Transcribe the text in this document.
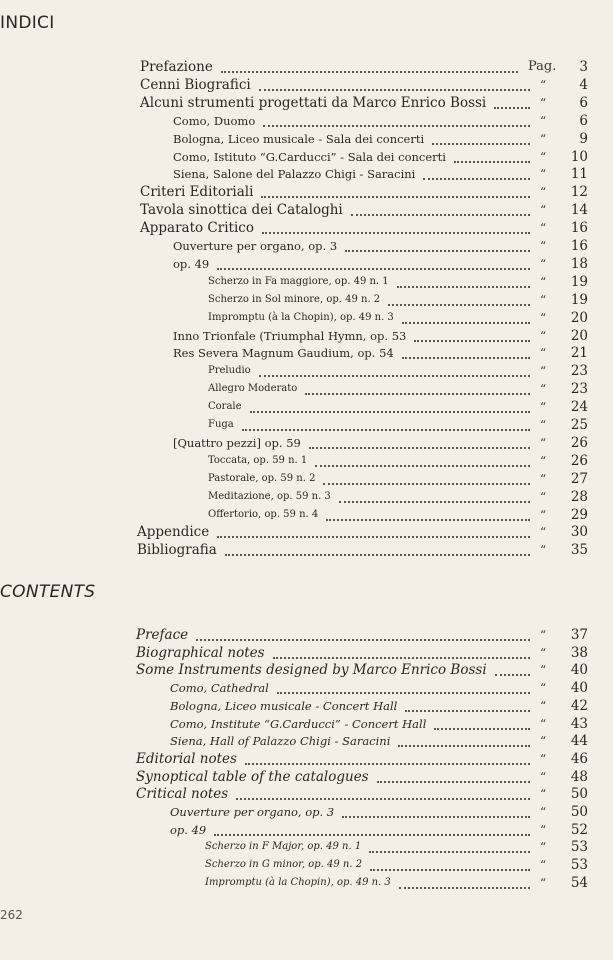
INDICI
Prefazione	Pag.	3
Cenni Biografici	“	4
Alcuni strumenti progettati da Marco Enrico Bossi	“	6
Como, Duomo	“	6
Bologna, Liceo musicale - Sala dei concerti	“	9
Como, Istituto “G.Carducci” - Sala dei concerti	“	10
Siena, Salone del Palazzo Chigi - Saracini	“	11
Criteri Editoriali	“	12
Tavola sinottica dei Cataloghi	“	14
Apparato Critico	“	16
Ouverture per organo, op. 3	“	16
op. 49	“	18
Scherzo in Fa maggiore, op. 49 n. 1	“	19
Scherzo in Sol minore, op. 49 n. 2	“	19
Impromptu (à la Chopin), op. 49 n. 3	“	20
Inno Trionfale (Triumphal Hymn, op. 53	“	20
Res Severa Magnum Gaudium, op. 54	“	21
Preludio	“	23
Allegro Moderato	“	23
Corale	“	24
Fuga	“	25
[Quattro pezzi] op. 59	“	26
Toccata, op. 59 n. 1	“	26
Pastorale, op. 59 n. 2	“	27
Meditazione, op. 59 n. 3	“	28
Offertorio, op. 59 n. 4	“	29
Appendice	“	30
Bibliografia	“	35
CONTENTS
Preface	“	37
Biographical notes	“	38
Some Instruments designed by Marco Enrico Bossi	“	40
Como, Cathedral	“	40
Bologna, Liceo musicale - Concert Hall	“	42
Como, Institute “G.Carducci” - Concert Hall	“	43
Siena, Hall of Palazzo Chigi - Saracini	“	44
Editorial notes	“	46
Synoptical table of the catalogues	“	48
Critical notes	“	50
Ouverture per organo, op. 3	“	50
op. 49	“	52
Scherzo in F Major, op. 49 n. 1	“	53
Scherzo in G minor, op. 49 n. 2	“	53
Impromptu (à la Chopin), op. 49 n. 3	“	54
262
